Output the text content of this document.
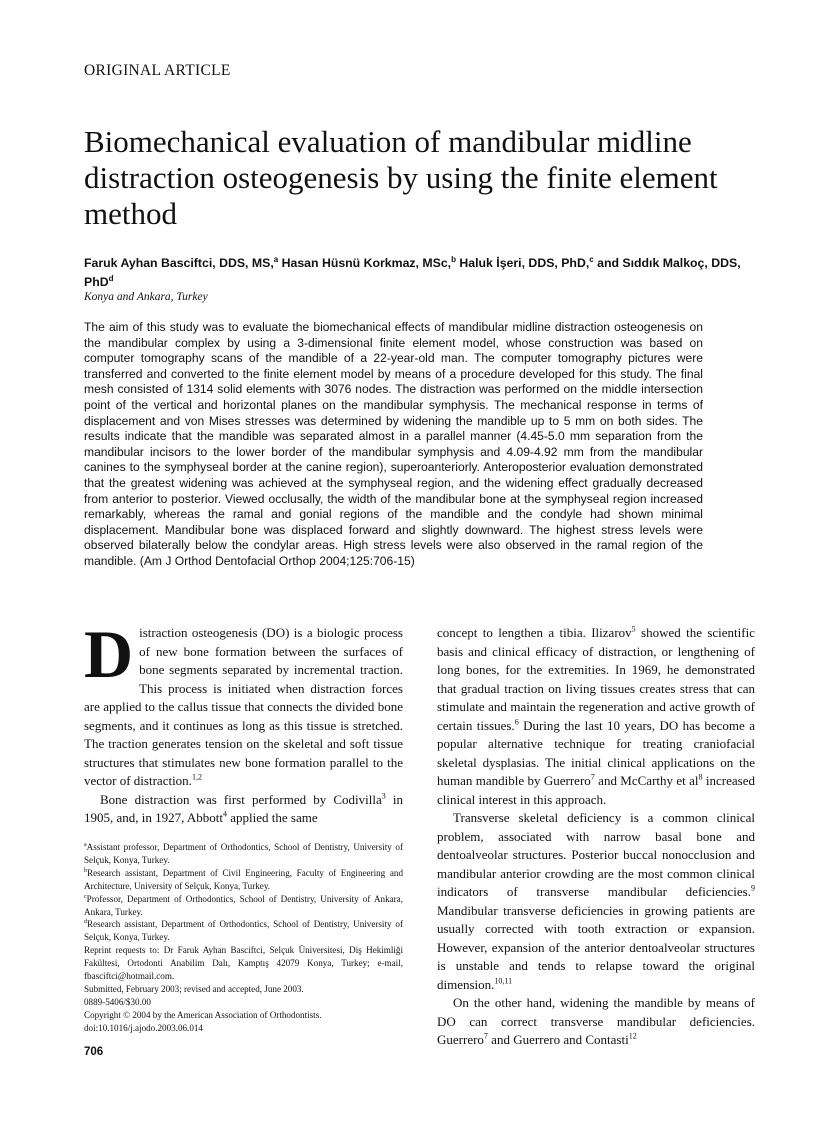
ORIGINAL ARTICLE
Biomechanical evaluation of mandibular midline distraction osteogenesis by using the finite element method
Faruk Ayhan Basciftci, DDS, MS,$^a$ Hasan Hüsnü Korkmaz, MSc,$^b$ Haluk İşeri, DDS, PhD,$^c$ and Sıddık Malkoç, DDS, PhD$^d$
Konya and Ankara, Turkey

The aim of this study was to evaluate the biomechanical effects of mandibular midline distraction osteogenesis on the mandibular complex by using a 3-dimensional finite element model, whose construction was based on computer tomography scans of the mandible of a 22-year-old man. The computer tomography pictures were transferred and converted to the finite element model by means of a procedure developed for this study. The final mesh consisted of 1314 solid elements with 3076 nodes. The distraction was performed on the middle intersection point of the vertical and horizontal planes on the mandibular symphysis. The mechanical response in terms of displacement and von Mises stresses was determined by widening the mandible up to 5 mm on both sides. The results indicate that the mandible was separated almost in a parallel manner (4.45-5.0 mm separation from the mandibular incisors to the lower border of the mandibular symphysis and 4.09-4.92 mm from the mandibular canines to the symphyseal border at the canine region), superoanteriorly. Anteroposterior evaluation demonstrated that the greatest widening was achieved at the symphyseal region, and the widening effect gradually decreased from anterior to posterior. Viewed occlusally, the width of the mandibular bone at the symphyseal region increased remarkably, whereas the ramal and gonial regions of the mandible and the condyle had shown minimal displacement. Mandibular bone was displaced forward and slightly downward. The highest stress levels were observed bilaterally below the condylar areas. High stress levels were also observed in the ramal region of the mandible. (Am J Orthod Dentofacial Orthop 2004;125:706-15)

Distraction osteogenesis (DO) is a biologic process of new bone formation between the surfaces of bone segments separated by incremental traction. This process is initiated when distraction forces are applied to the callus tissue that connects the divided bone segments, and it continues as long as this tissue is stretched. The traction generates tension on the skeletal and soft tissue structures that stimulates new bone formation parallel to the vector of distraction.$^{1,2}$

Bone distraction was first performed by Codivilla$^3$ in 1905, and, in 1927, Abbott$^4$ applied the same

concept to lengthen a tibia. Ilizarov$^5$ showed the scientific basis and clinical efficacy of distraction, or lengthening of long bones, for the extremities. In 1969, he demonstrated that gradual traction on living tissues creates stress that can stimulate and maintain the regeneration and active growth of certain tissues.$^6$ During the last 10 years, DO has become a popular alternative technique for treating craniofacial skeletal dysplasias. The initial clinical applications on the human mandible by Guerrero$^7$ and McCarthy et $al^8$ increased clinical interest in this approach.

Transverse skeletal deficiency is a common clinical problem, associated with narrow basal bone and dentoalveolar structures. Posterior buccal nonocclusion and mandibular anterior crowding are the most common clinical indicators of transverse mandibular deficiencies.$^9$ Mandibular transverse deficiencies in growing patients are usually corrected with tooth extraction or expansion. However, expansion of the anterior dentoalveolar structures is unstable and tends to relapse toward the original dimension.$^{10,11}$

On the other hand, widening the mandible by means of DO can correct transverse mandibular deficiencies. Guerrero$^7$ and Guerrero and Contasti$^{12}$

$^a$Assistant professor, Department of Orthodontics, School of Dentistry, University of Selçuk, Konya, Turkey.

$^b$Research assistant, Department of Civil Engineering, Faculty of Engineering and Architecture, University of Selçuk, Konya, Turkey.

$^c$Professor, Department of Orthodontics, School of Dentistry, University of Ankara, Ankara, Turkey.

$^d$Research assistant, Department of Orthodontics, School of Dentistry, University of Selçuk, Konya, Turkey.

Reprint requests to: Dr Faruk Ayhan Basciftci, Selçuk Üniversitesi, Diş Hekimliği Fakültesi, Ortodonti Anabilim Dalı, Kamptış 42079 Konya, Turkey; e-mail, fbasciftci@hotmail.com.

Submitted, February 2003; revised and accepted, June 2003.

0889-5406/$30.00

Copyright © 2004 by the American Association of Orthodontists.

doi:10.1016/j.ajodo.2003.06.014

706
